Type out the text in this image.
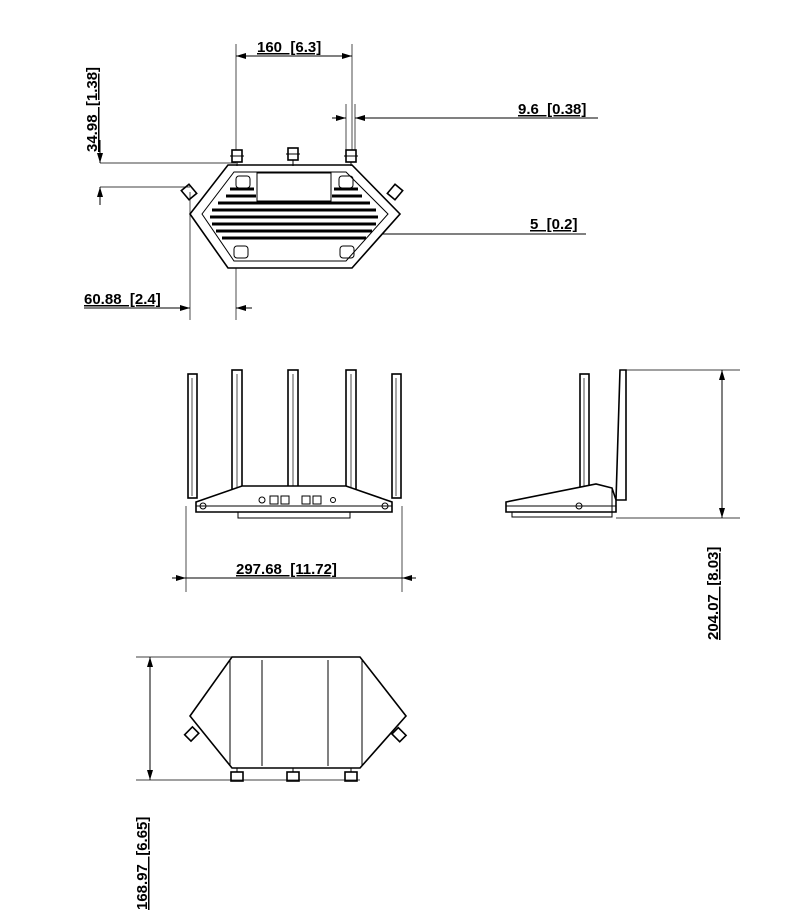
160  [6.3]
34.98  [1.38]	9.6  [0.38]
5  [0.2]
60.88  [2.4]
297.68  [11.72]	204.07  [8.03]
168.97  [6.65]
